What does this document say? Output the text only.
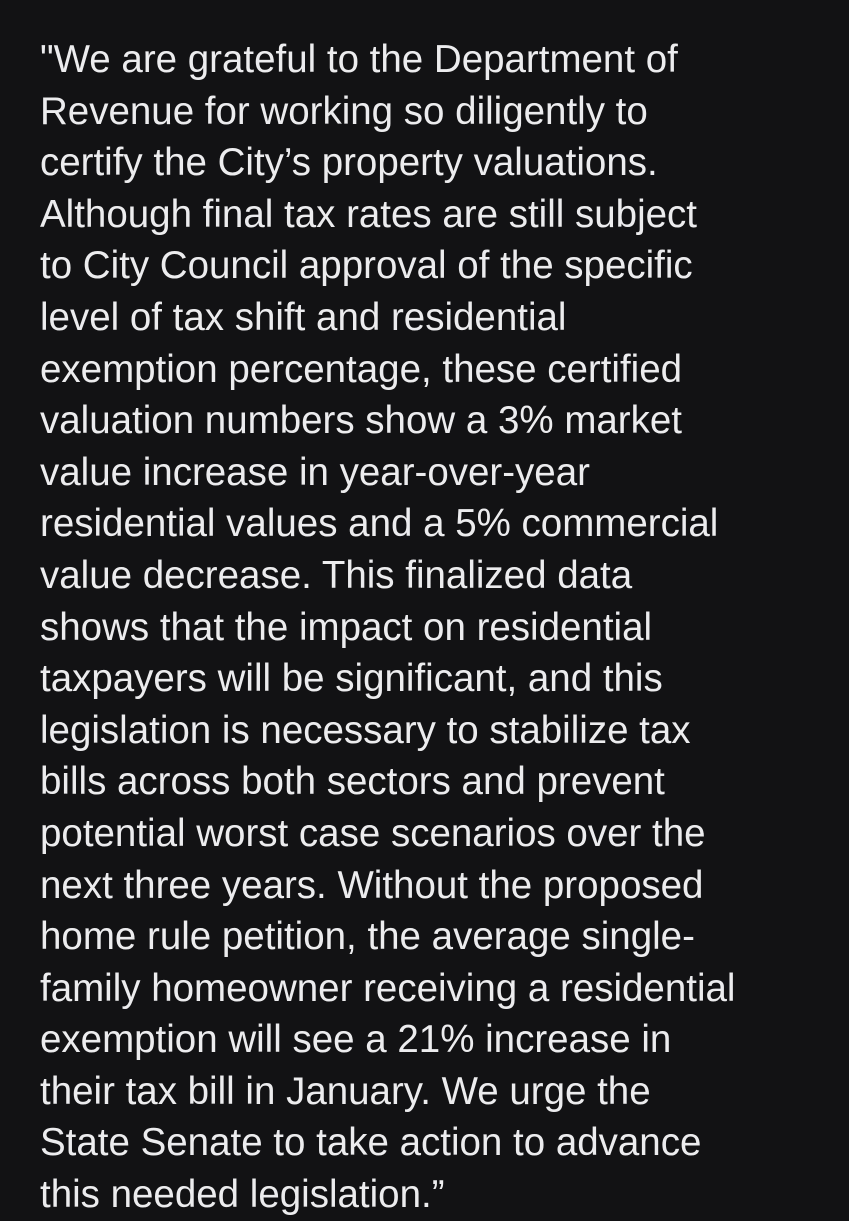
"We are grateful to the Department of
Revenue for working so diligently to
certify the City’s property valuations.
Although final tax rates are still subject
to City Council approval of the specific
level of tax shift and residential
exemption percentage, these certified
valuation numbers show a 3% market
value increase in year-over-year
residential values and a 5% commercial
value decrease. This finalized data
shows that the impact on residential
taxpayers will be significant, and this
legislation is necessary to stabilize tax
bills across both sectors and prevent
potential worst case scenarios over the
next three years. Without the proposed
home rule petition, the average single-
family homeowner receiving a residential
exemption will see a 21% increase in
their tax bill in January. We urge the
State Senate to take action to advance
this needed legislation.”
